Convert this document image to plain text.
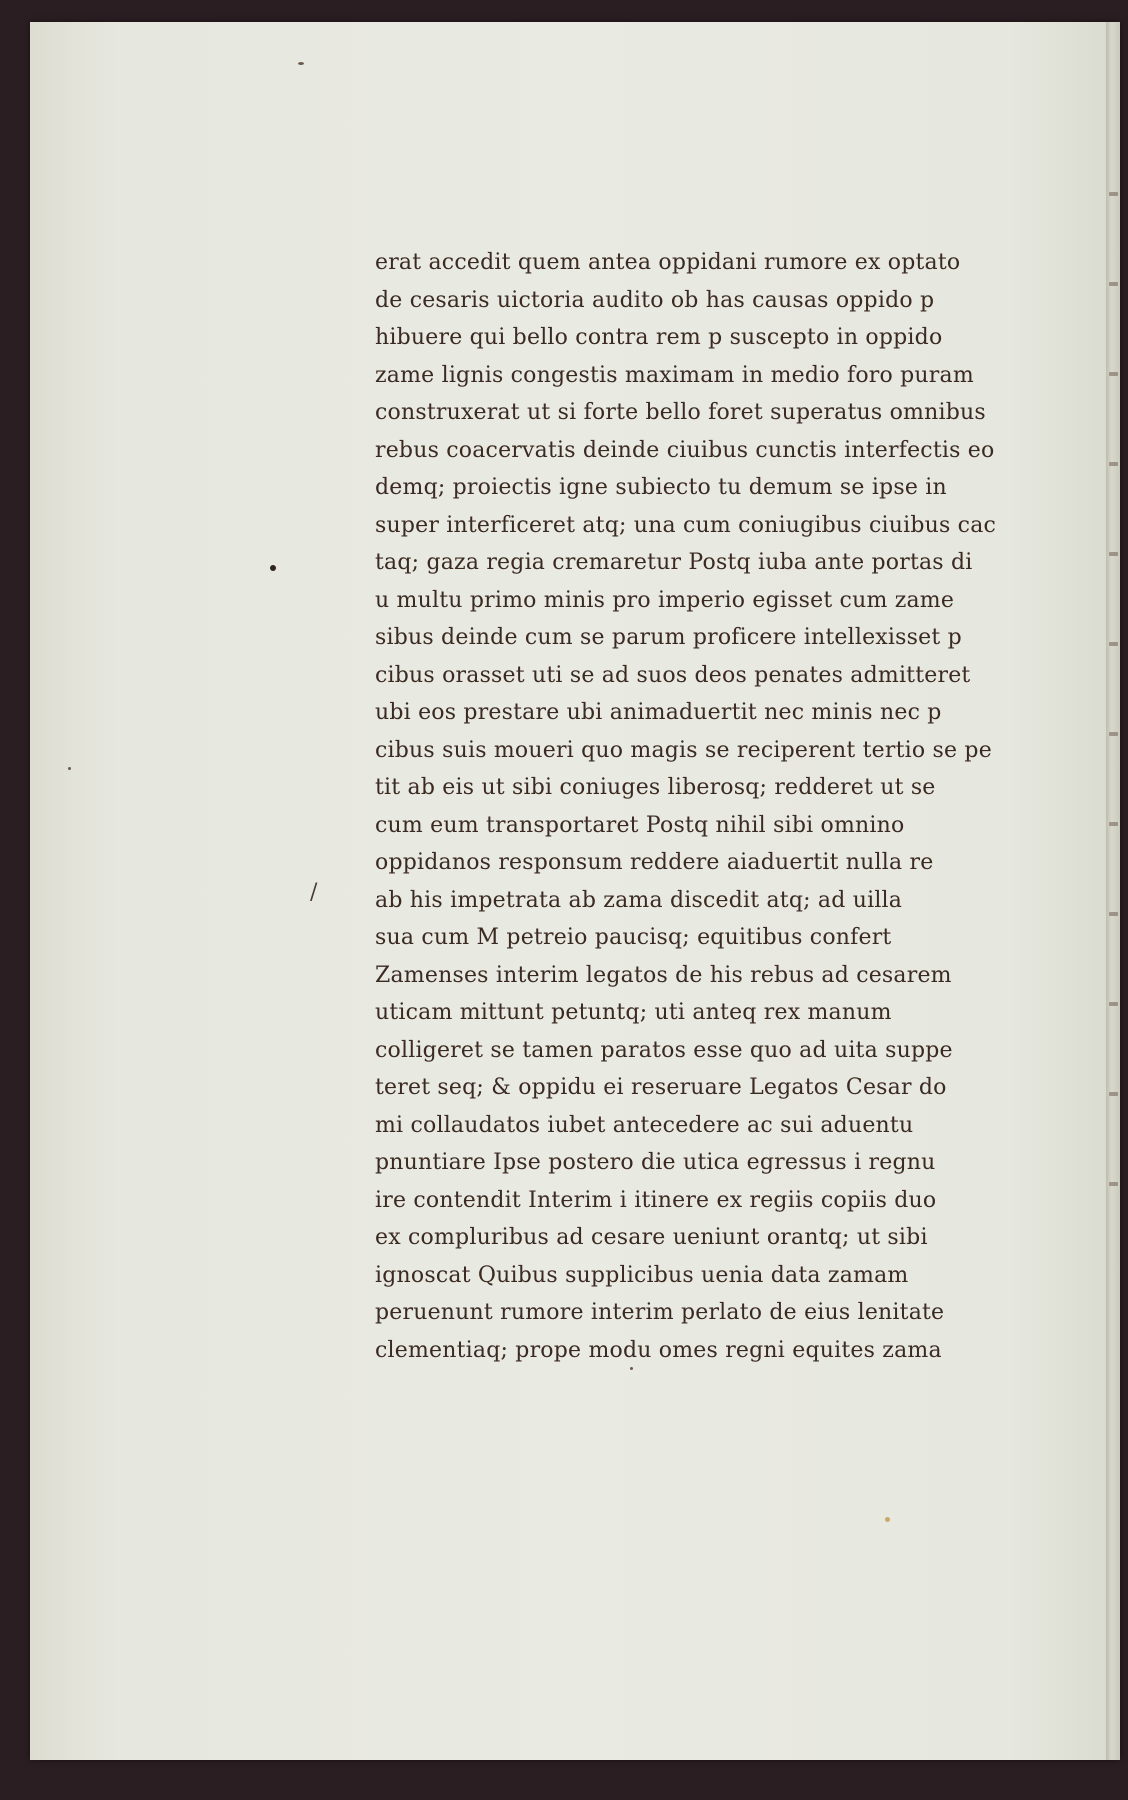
/
erat accedit quem antea oppidani rumore ex optato
de cesaris uictoria audito ob has causas oppido p
hibuere qui bello contra rem p suscepto in oppido
zame lignis congestis maximam in medio foro puram
construxerat ut si forte bello foret superatus omnibus
rebus coacervatis deinde ciuibus cunctis interfectis eo
demq; proiectis igne subiecto tu demum se ipse in
super interficeret atq; una cum coniugibus ciuibus cac
taq; gaza regia cremaretur Postq iuba ante portas di
u multu primo minis pro imperio egisset cum zame
sibus deinde cum se parum proficere intellexisset p
cibus orasset uti se ad suos deos penates admitteret
ubi eos prestare ubi animaduertit nec minis nec p
cibus suis moueri quo magis se reciperent tertio se pe
tit ab eis ut sibi coniuges liberosq; redderet ut se
cum eum transportaret Postq nihil sibi omnino
oppidanos responsum reddere aiaduertit nulla re
ab his impetrata ab zama discedit atq; ad uilla
sua cum M petreio paucisq; equitibus confert
Zamenses interim legatos de his rebus ad cesarem
uticam mittunt petuntq; uti anteq rex manum
colligeret se tamen paratos esse quo ad uita suppe
teret seq; & oppidu ei reseruare Legatos Cesar do
mi collaudatos iubet antecedere ac sui aduentu
pnuntiare Ipse postero die utica egressus i regnu
ire contendit Interim i itinere ex regiis copiis duo
ex compluribus ad cesare ueniunt orantq; ut sibi
ignoscat Quibus supplicibus uenia data zamam
peruenunt rumore interim perlato de eius lenitate
clementiaq; prope modu omes regni equites zama
